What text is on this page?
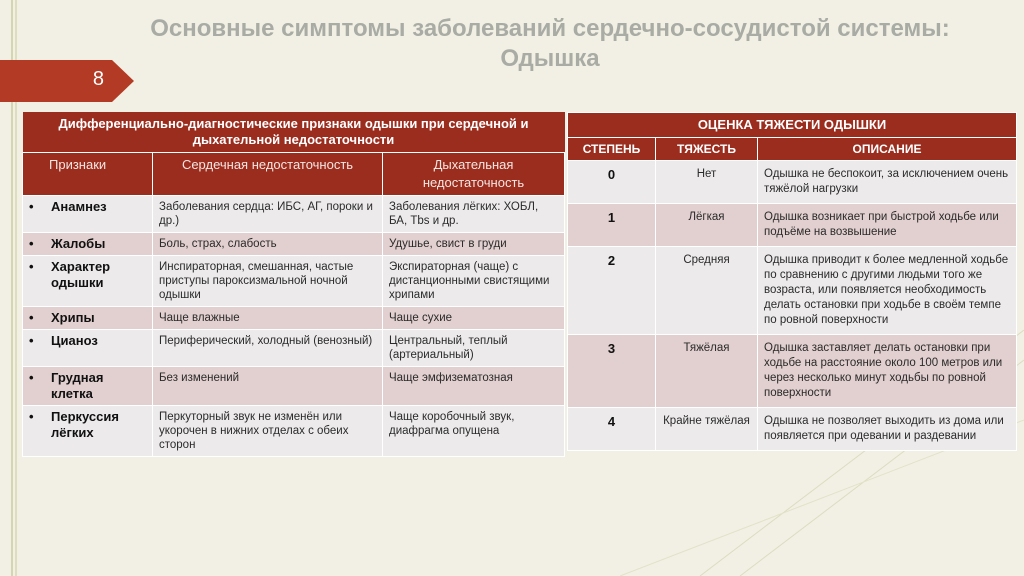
Основные симптомы заболеваний сердечно-сосудистой системы: Одышка
8
Дифференциально-диагностические признаки одышки при сердечной и дыхательной недостаточности		
Признаки	Сердечная недостаточность	Дыхательная недостаточность
• Анамнез	Заболевания сердца: ИБС, АГ, пороки и др.)	Заболевания лёгких: ХОБЛ, БА, Tbs и др.
• Жалобы	Боль, страх, слабость	Удушье, свист в груди
• Характер одышки	Инспираторная, смешанная, частые приступы пароксизмальной ночной одышки	Экспираторная (чаще) с дистанционными свистящими хрипами
• Хрипы	Чаще влажные	Чаще сухие
• Цианоз	Периферический, холодный (венозный)	Центральный, теплый (артериальный)
• Грудная клетка	Без изменений	Чаще эмфизематозная
• Перкуссия лёгких	Перкуторный звук не изменён или укорочен в нижних отделах с обеих сторон	Чаще коробочный звук, диафрагма опущена
ОЦЕНКА ТЯЖЕСТИ ОДЫШКИ		
СТЕПЕНЬ	ТЯЖЕСТЬ	ОПИСАНИЕ
0	Нет	Одышка не беспокоит, за исключением очень тяжёлой нагрузки
1	Лёгкая	Одышка возникает при быстрой ходьбе или подъёме на возвышение
2	Средняя	Одышка приводит к более медленной ходьбе по сравнению с другими людьми того же возраста, или появляется необходимость делать остановки при ходьбе в своём темпе по ровной поверхности
3	Тяжёлая	Одышка заставляет делать остановки при ходьбе на расстояние около 100 метров или через несколько минут ходьбы по ровной поверхности
4	Крайне тяжёлая	Одышка не позволяет выходить из дома или появляется при одевании и раздевании
